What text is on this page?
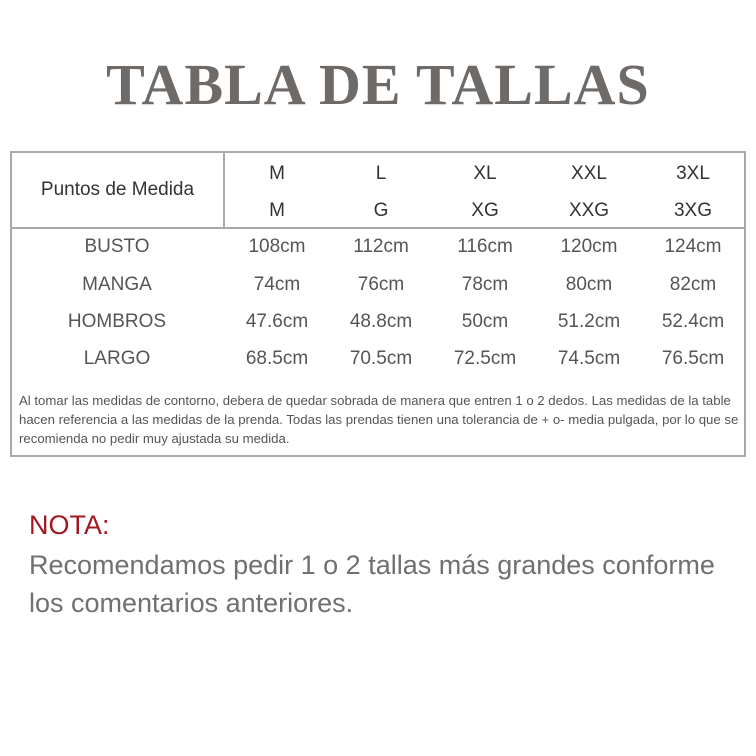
TABLA DE TALLAS
Puntos de Medida
M	L	XL	XXL	3XL
M	G	XG	XXG	3XG
BUSTO	108cm	112cm	116cm	120cm	124cm
MANGA	74cm	76cm	78cm	80cm	82cm
HOMBROS	47.6cm	48.8cm	50cm	51.2cm	52.4cm
LARGO	68.5cm	70.5cm	72.5cm	74.5cm	76.5cm

Al tomar las medidas de contorno, debera de quedar sobrada de manera que entren 1 o 2 dedos. Las medidas de la table hacen referencia a las medidas de la prenda. Todas las prendas tienen una tolerancia de + o- media pulgada, por lo que se recomienda no pedir muy ajustada su medida.

NOTA:

Recomendamos pedir 1 o 2 tallas más grandes conforme los comentarios anteriores.
